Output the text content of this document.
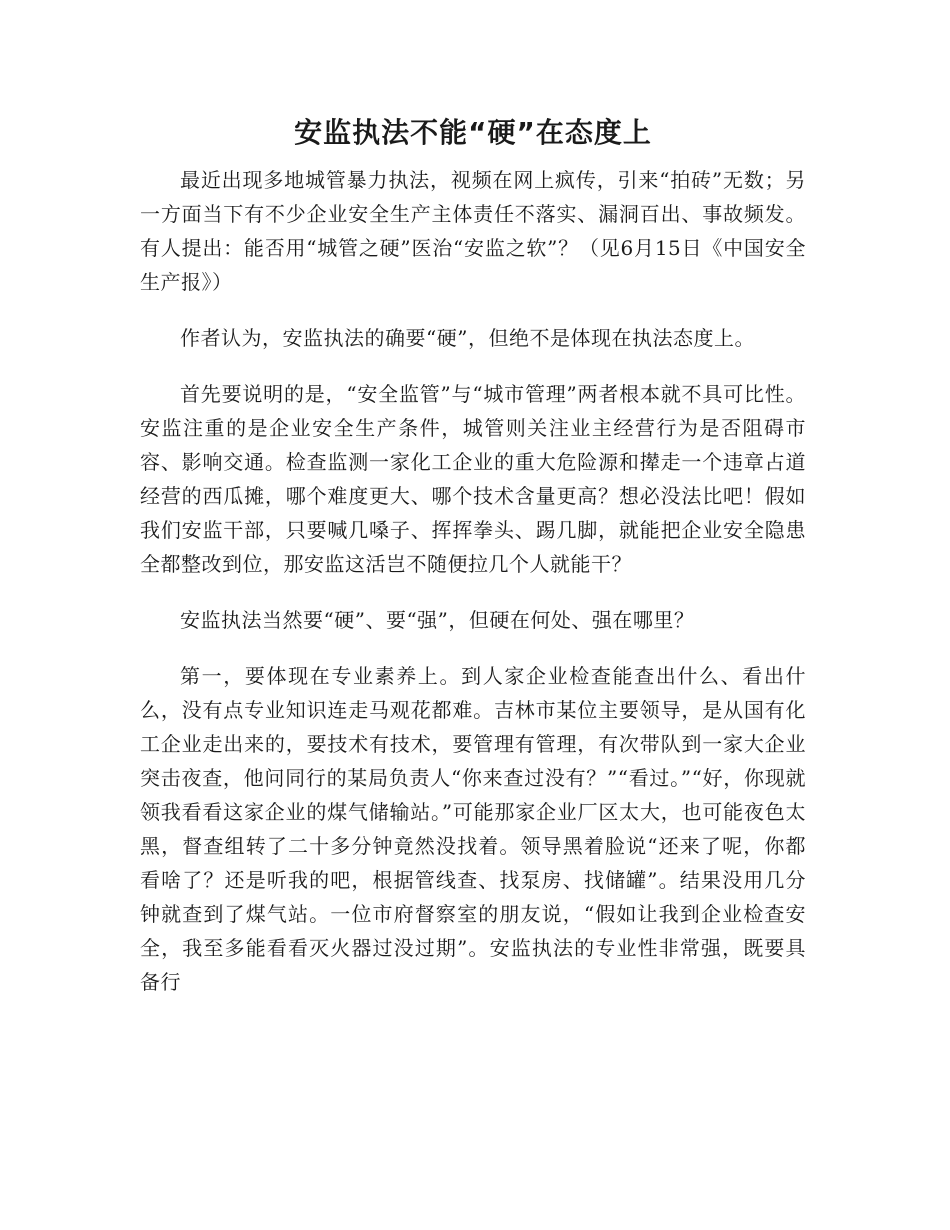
安监执法不能“硬”在态度上

最近出现多地城管暴力执法，视频在网上疯传，引来“拍砖”无数；另一方面当下有不少企业安全生产主体责任不落实、漏洞百出、事故频发。有人提出：能否用“城管之硬”医治“安监之软”？（见6月15日《中国安全生产报》）

作者认为，安监执法的确要“硬”，但绝不是体现在执法态度上。

首先要说明的是，“安全监管”与“城市管理”两者根本就不具可比性。安监注重的是企业安全生产条件，城管则关注业主经营行为是否阻碍市容、影响交通。检查监测一家化工企业的重大危险源和撵走一个违章占道经营的西瓜摊，哪个难度更大、哪个技术含量更高？想必没法比吧！假如我们安监干部，只要喊几嗓子、挥挥拳头、踢几脚，就能把企业安全隐患全都整改到位，那安监这活岂不随便拉几个人就能干？

安监执法当然要“硬”、要“强”，但硬在何处、强在哪里？

第一，要体现在专业素养上。到人家企业检查能查出什么、看出什么，没有点专业知识连走马观花都难。吉林市某位主要领导，是从国有化工企业走出来的，要技术有技术，要管理有管理，有次带队到一家大企业突击夜查，他问同行的某局负责人“你来查过没有？”“看过。”“好，你现就领我看看这家企业的煤气储输站。”可能那家企业厂区太大，也可能夜色太黑，督查组转了二十多分钟竟然没找着。领导黑着脸说“还来了呢，你都看啥了？还是听我的吧，根据管线查、找泵房、找储罐”。结果没用几分钟就查到了煤气站。一位市府督察室的朋友说，“假如让我到企业检查安全，我至多能看看灭火器过没过期”。安监执法的专业性非常强，既要具备行
